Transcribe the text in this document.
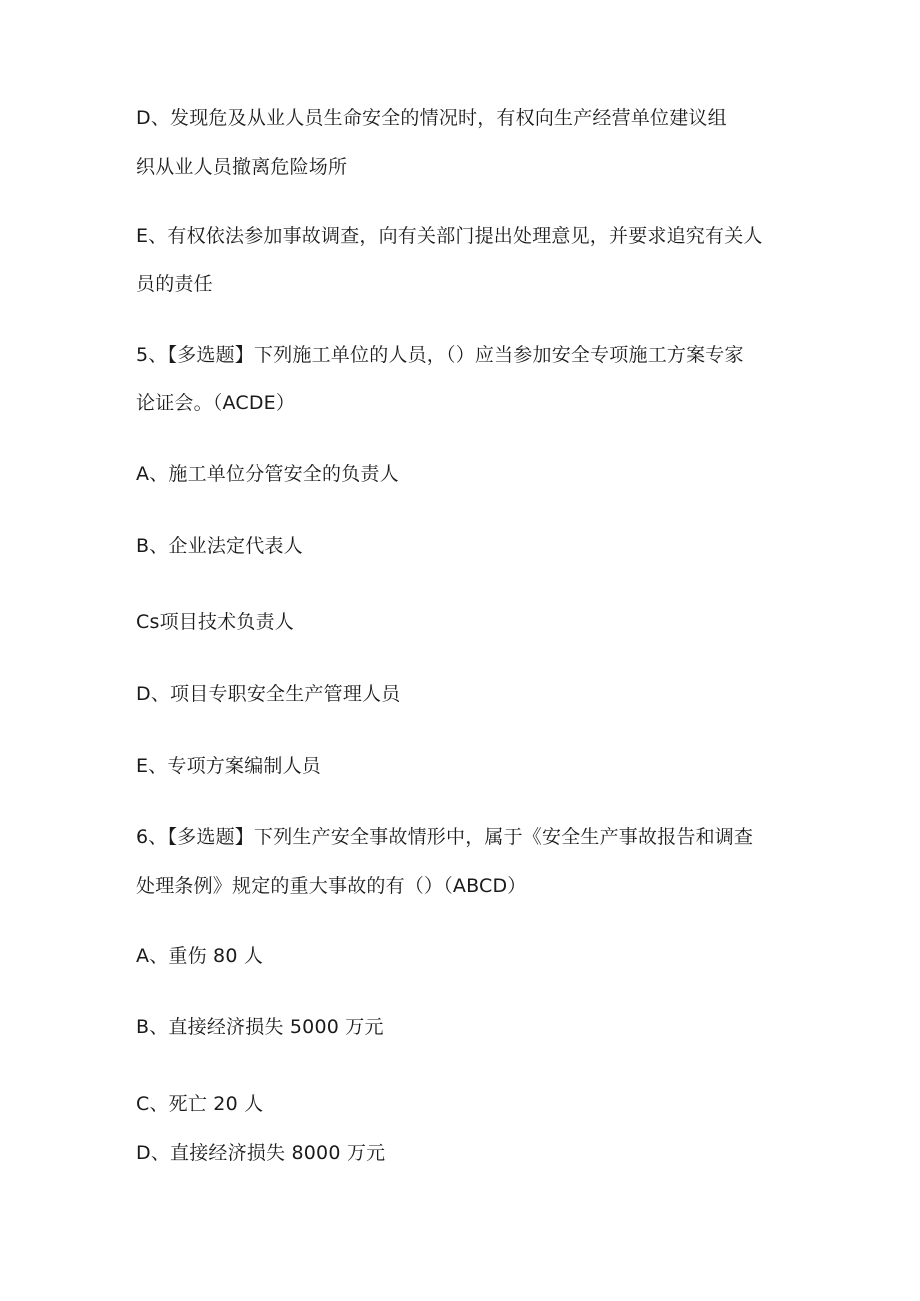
D、发现危及从业人员生命安全的情况时，有权向生产经营单位建议组
织从业人员撤离危险场所
E、有权依法参加事故调查，向有关部门提出处理意见，并要求追究有关人
员的责任
5、【多选题】下列施工单位的人员，（）应当参加安全专项施工方案专家
论证会。（ACDE）
A、施工单位分管安全的负责人
B、企业法定代表人
Cs项目技术负责人
D、项目专职安全生产管理人员
E、专项方案编制人员
6、【多选题】下列生产安全事故情形中，属于《安全生产事故报告和调查
处理条例》规定的重大事故的有（）（ABCD）
A、重伤 80 人
B、直接经济损失 5000 万元
C、死亡 20 人
D、直接经济损失 8000 万元
